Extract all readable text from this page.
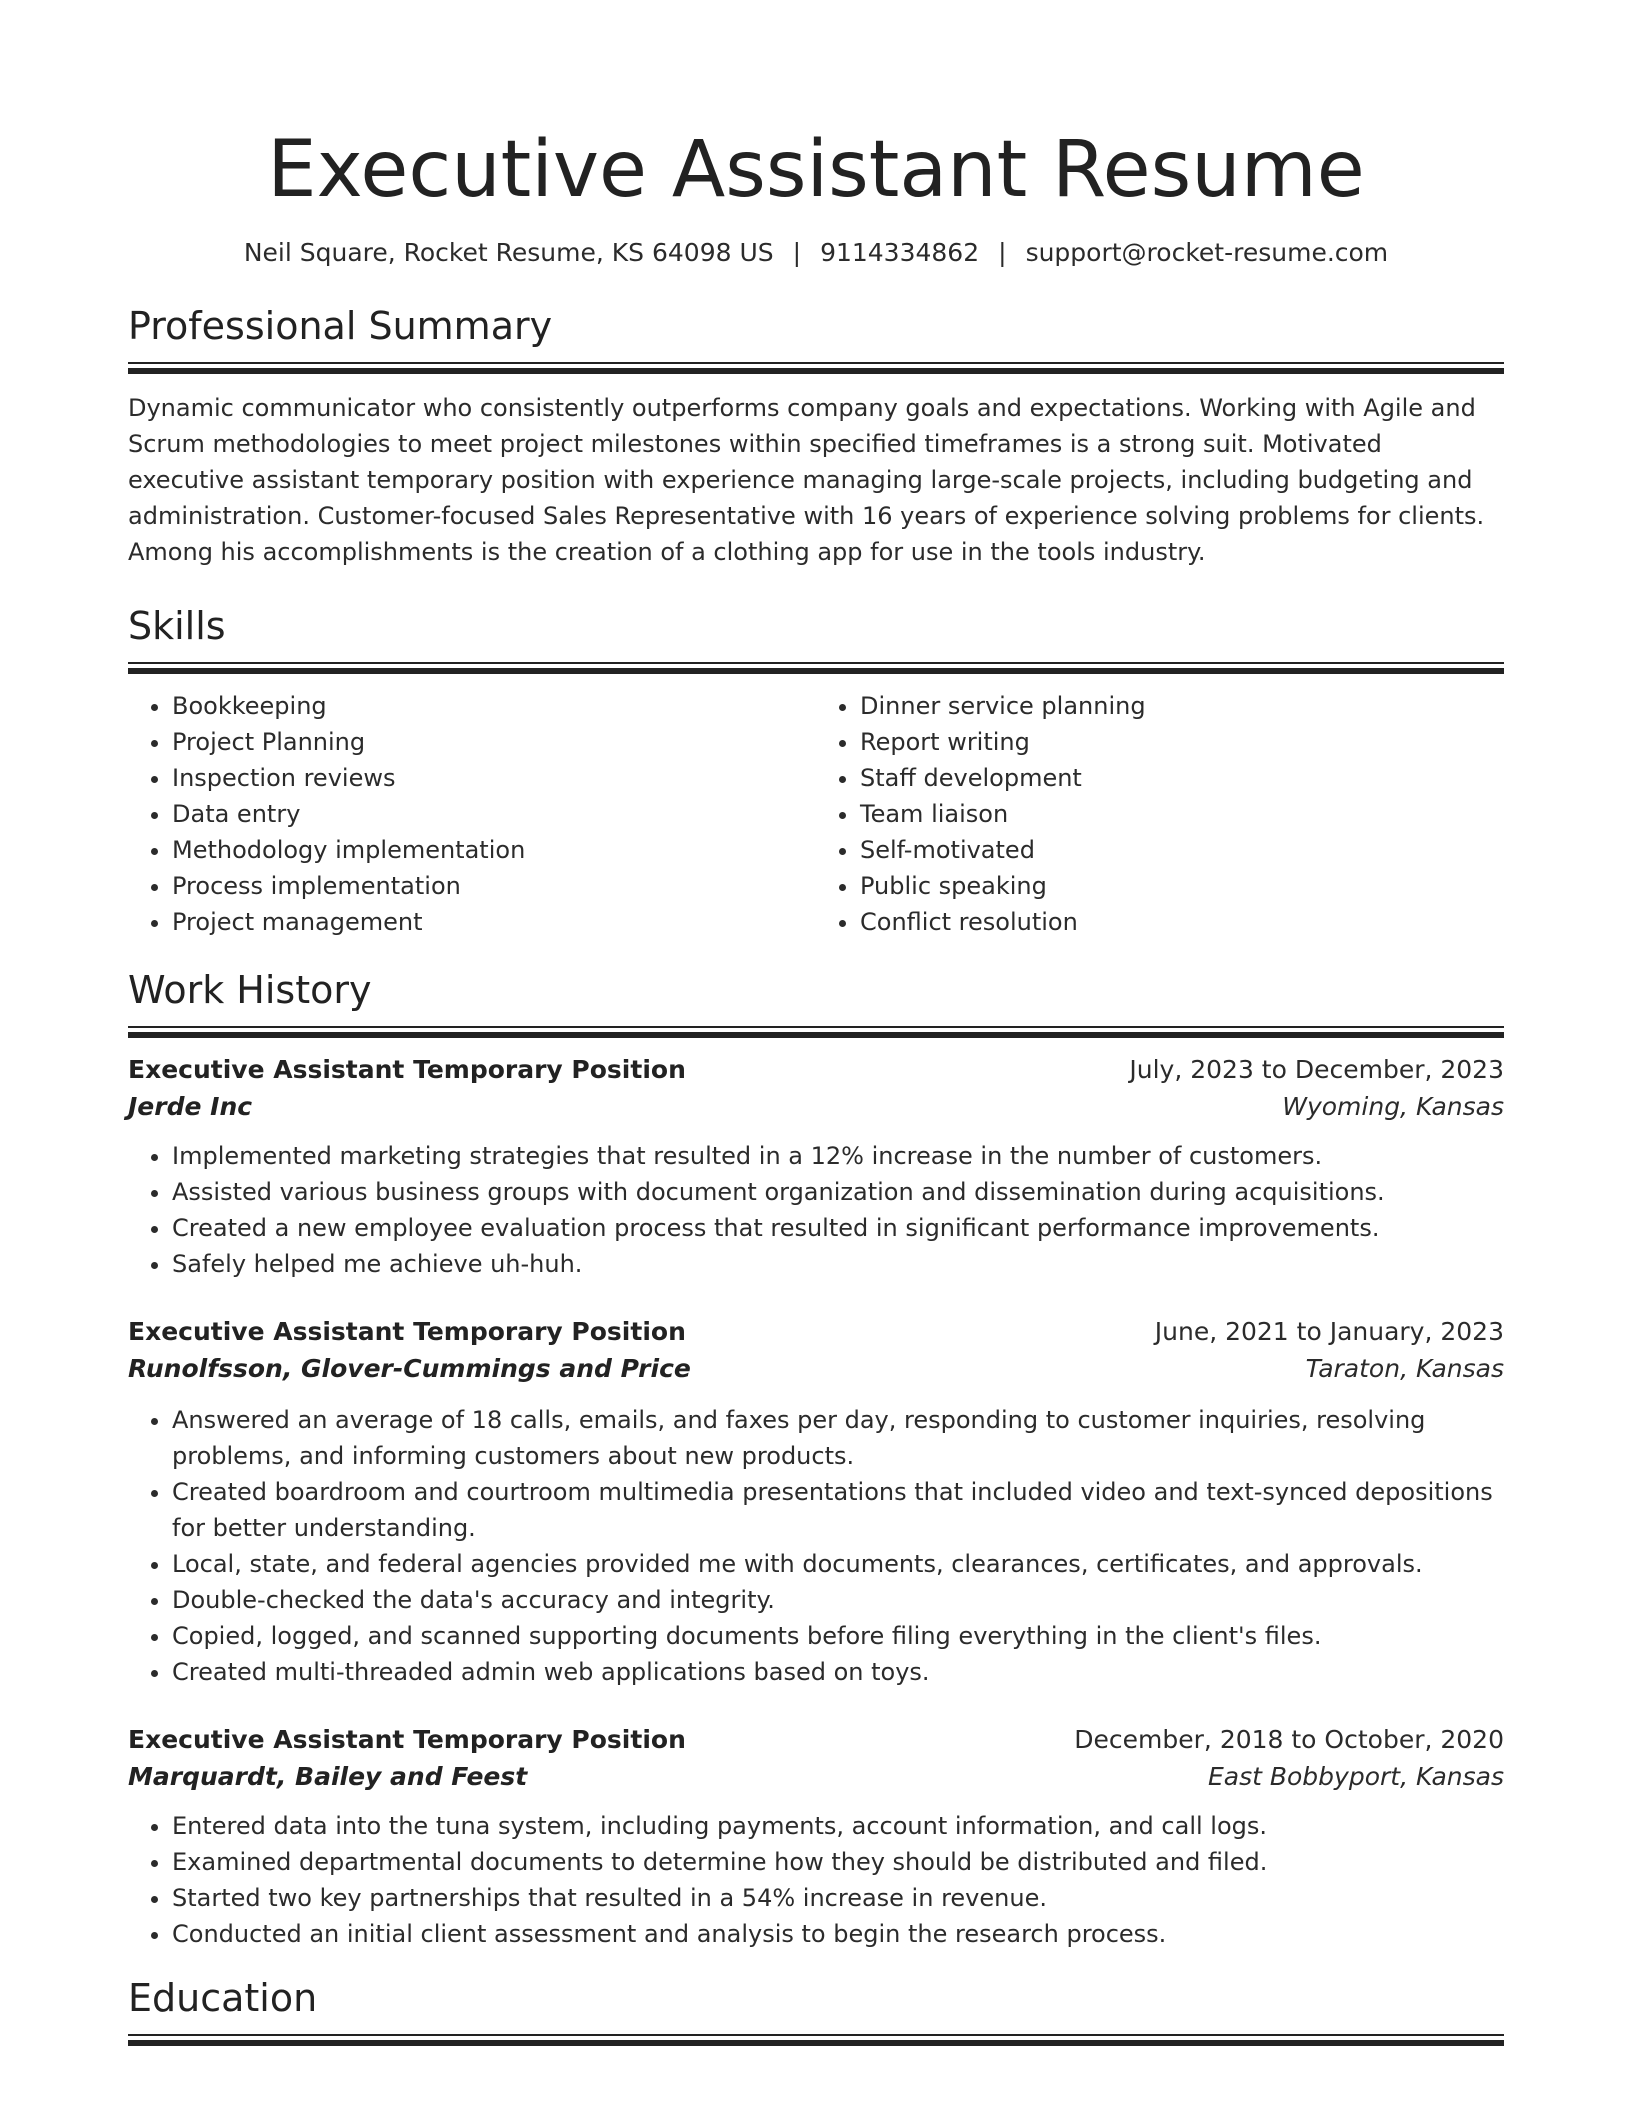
Executive Assistant Resume
Neil Square, Rocket Resume, KS 64098 US | 9114334862 | support@rocket-resume.com
Professional Summary

Dynamic communicator who consistently outperforms company goals and expectations. Working with Agile and Scrum methodologies to meet project milestones within specified timeframes is a strong suit. Motivated executive assistant temporary position with experience managing large-scale projects, including budgeting and administration. Customer-focused Sales Representative with 16 years of experience solving problems for clients. Among his accomplishments is the creation of a clothing app for use in the tools industry.

Skills
• Bookkeeping
• Project Planning
• Inspection reviews
• Data entry
• Methodology implementation
• Process implementation
• Project management
• Dinner service planning
• Report writing
• Staff development
• Team liaison
• Self-motivated
• Public speaking
• Conflict resolution
Work History
Executive Assistant Temporary Position	July, 2023 to December, 2023
Jerde Inc	Wyoming, Kansas
• Implemented marketing strategies that resulted in a 12% increase in the number of customers.
• Assisted various business groups with document organization and dissemination during acquisitions.
• Created a new employee evaluation process that resulted in significant performance improvements.
• Safely helped me achieve uh-huh.
Executive Assistant Temporary Position	June, 2021 to January, 2023
Runolfsson, Glover-Cummings and Price	Taraton, Kansas
• Answered an average of 18 calls, emails, and faxes per day, responding to customer inquiries, resolving problems, and informing customers about new products.
• Created boardroom and courtroom multimedia presentations that included video and text-synced depositions for better understanding.
• Local, state, and federal agencies provided me with documents, clearances, certificates, and approvals.
• Double-checked the data's accuracy and integrity.
• Copied, logged, and scanned supporting documents before filing everything in the client's files.
• Created multi-threaded admin web applications based on toys.
Executive Assistant Temporary Position	December, 2018 to October, 2020
Marquardt, Bailey and Feest	East Bobbyport, Kansas
• Entered data into the tuna system, including payments, account information, and call logs.
• Examined departmental documents to determine how they should be distributed and filed.
• Started two key partnerships that resulted in a 54% increase in revenue.
• Conducted an initial client assessment and analysis to begin the research process.
Education
